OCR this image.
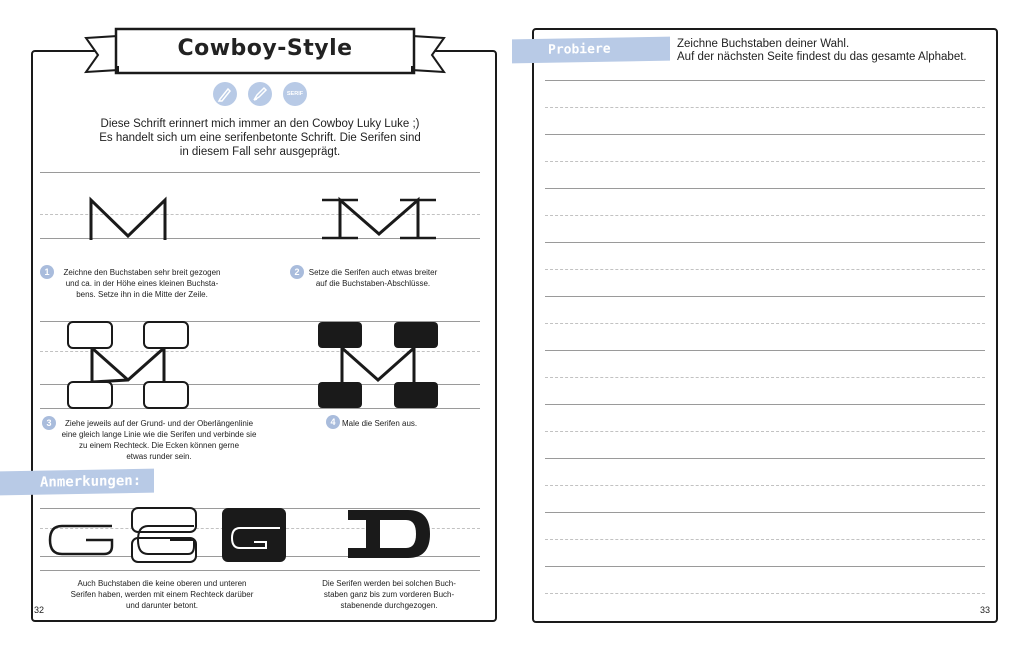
Cowboy-Style
SERIF
Diese Schrift erinnert mich immer an den Cowboy Luky Luke ;)
Es handelt sich um eine serifenbetonte Schrift. Die Serifen sind
in diesem Fall sehr ausgeprägt.
1	Zeichne den Buchstaben sehr breit gezogen
und ca. in der Höhe eines kleinen Buchsta-
bens. Setze ihn in die Mitte der Zeile.
2	Setze die Serifen auch etwas breiter
auf die Buchstaben-Abschlüsse.
3	Ziehe jeweils auf der Grund- und der Oberlängenlinie
eine gleich lange Linie wie die Serifen und verbinde sie
zu einem Rechteck. Die Ecken können gerne
etwas runder sein.
4 Male die Serifen aus.
Anmerkungen:
Auch Buchstaben die keine oberen und unteren
Serifen haben, werden mit einem Rechteck darüber
und darunter betont.
Die Serifen werden bei solchen Buch-
staben ganz bis zum vorderen Buch-
stabenende durchgezogen.
32
Probiere selbst:
Zeichne Buchstaben deiner Wahl.
Auf der nächsten Seite findest du das gesamte Alphabet.
33
